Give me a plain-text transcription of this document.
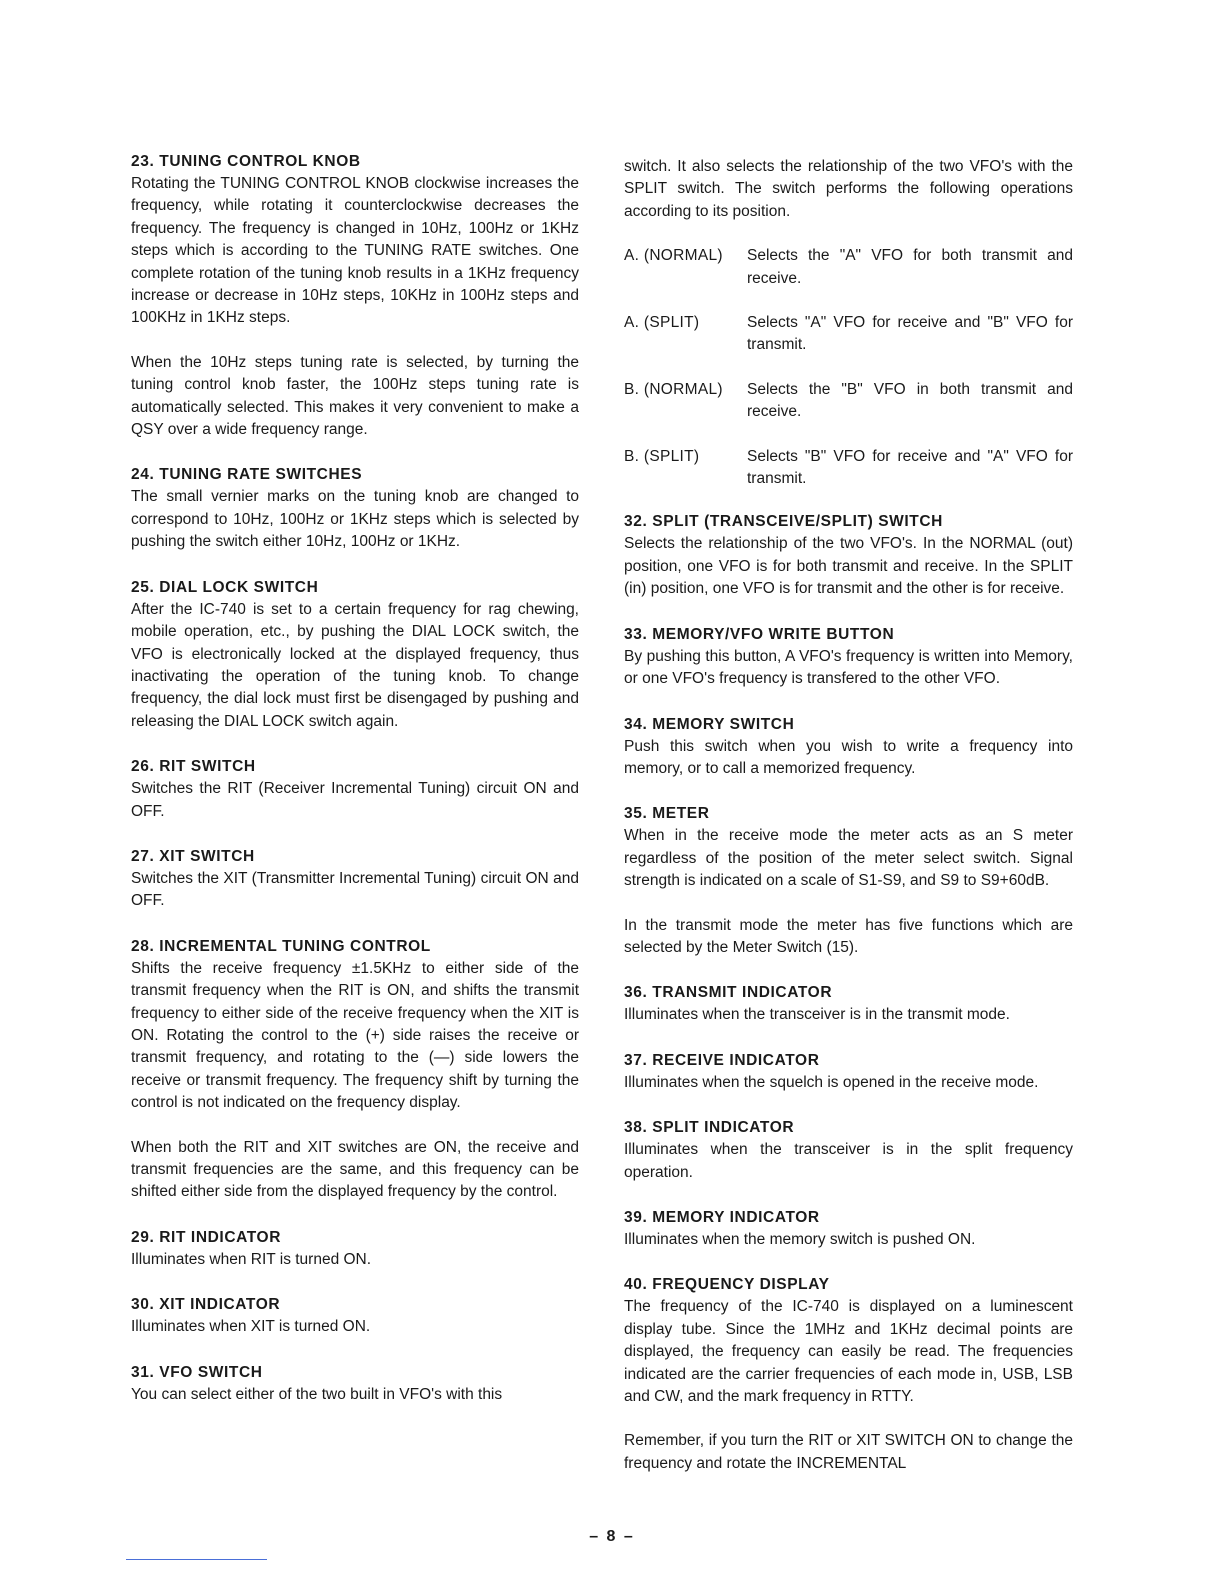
23. TUNING CONTROL KNOB

Rotating the TUNING CONTROL KNOB clockwise increases the frequency, while rotating it counterclockwise decreases the frequency. The frequency is changed in 10Hz, 100Hz or 1KHz steps which is according to the TUNING RATE switches. One complete rotation of the tuning knob results in a 1KHz frequency increase or decrease in 10Hz steps, 10KHz in 100Hz steps and 100KHz in 1KHz steps.

When the 10Hz steps tuning rate is selected, by turning the tuning control knob faster, the 100Hz steps tuning rate is automatically selected. This makes it very convenient to make a QSY over a wide frequency range.

24. TUNING RATE SWITCHES

The small vernier marks on the tuning knob are changed to correspond to 10Hz, 100Hz or 1KHz steps which is selected by pushing the switch either 10Hz, 100Hz or 1KHz.

25. DIAL LOCK SWITCH

After the IC-740 is set to a certain frequency for rag chewing, mobile operation, etc., by pushing the DIAL LOCK switch, the VFO is electronically locked at the displayed frequency, thus inactivating the operation of the tuning knob. To change frequency, the dial lock must first be disengaged by pushing and releasing the DIAL LOCK switch again.

26. RIT SWITCH

Switches the RIT (Receiver Incremental Tuning) circuit ON and OFF.

27. XIT SWITCH

Switches the XIT (Transmitter Incremental Tuning) circuit ON and OFF.

28. INCREMENTAL TUNING CONTROL

Shifts the receive frequency ±1.5KHz to either side of the transmit frequency when the RIT is ON, and shifts the transmit frequency to either side of the receive frequency when the XIT is ON. Rotating the control to the (+) side raises the receive or transmit frequency, and rotating to the (—) side lowers the receive or transmit frequency. The frequency shift by turning the control is not indicated on the frequency display.

When both the RIT and XIT switches are ON, the receive and transmit frequencies are the same, and this frequency can be shifted either side from the displayed frequency by the control.

29. RIT INDICATOR

Illuminates when RIT is turned ON.

30. XIT INDICATOR

Illuminates when XIT is turned ON.

31. VFO SWITCH

You can select either of the two built in VFO's with this

switch. It also selects the relationship of the two VFO's with the SPLIT switch. The switch performs the following operations according to its position.

A. (NORMAL)	Selects the "A" VFO for both transmit and receive.
A. (SPLIT)	Selects "A" VFO for receive and "B" VFO for transmit.
B. (NORMAL)	Selects the "B" VFO in both transmit and receive.
B. (SPLIT)	Selects "B" VFO for receive and "A" VFO for transmit.

32. SPLIT (TRANSCEIVE/SPLIT) SWITCH

Selects the relationship of the two VFO's. In the NORMAL (out) position, one VFO is for both transmit and receive. In the SPLIT (in) position, one VFO is for transmit and the other is for receive.

33. MEMORY/VFO WRITE BUTTON

By pushing this button, A VFO's frequency is written into Memory, or one VFO's frequency is transfered to the other VFO.

34. MEMORY SWITCH

Push this switch when you wish to write a frequency into memory, or to call a memorized frequency.

35. METER

When in the receive mode the meter acts as an S meter regardless of the position of the meter select switch. Signal strength is indicated on a scale of S1-S9, and S9 to S9+60dB.

In the transmit mode the meter has five functions which are selected by the Meter Switch (15).

36. TRANSMIT INDICATOR

Illuminates when the transceiver is in the transmit mode.

37. RECEIVE INDICATOR

Illuminates when the squelch is opened in the receive mode.

38. SPLIT INDICATOR

Illuminates when the transceiver is in the split frequency operation.

39. MEMORY INDICATOR

Illuminates when the memory switch is pushed ON.

40. FREQUENCY DISPLAY

The frequency of the IC-740 is displayed on a luminescent display tube. Since the 1MHz and 1KHz decimal points are displayed, the frequency can easily be read. The frequencies indicated are the carrier frequencies of each mode in, USB, LSB and CW, and the mark frequency in RTTY.

Remember, if you turn the RIT or XIT SWITCH ON to change the frequency and rotate the INCREMENTAL

– 8 –
